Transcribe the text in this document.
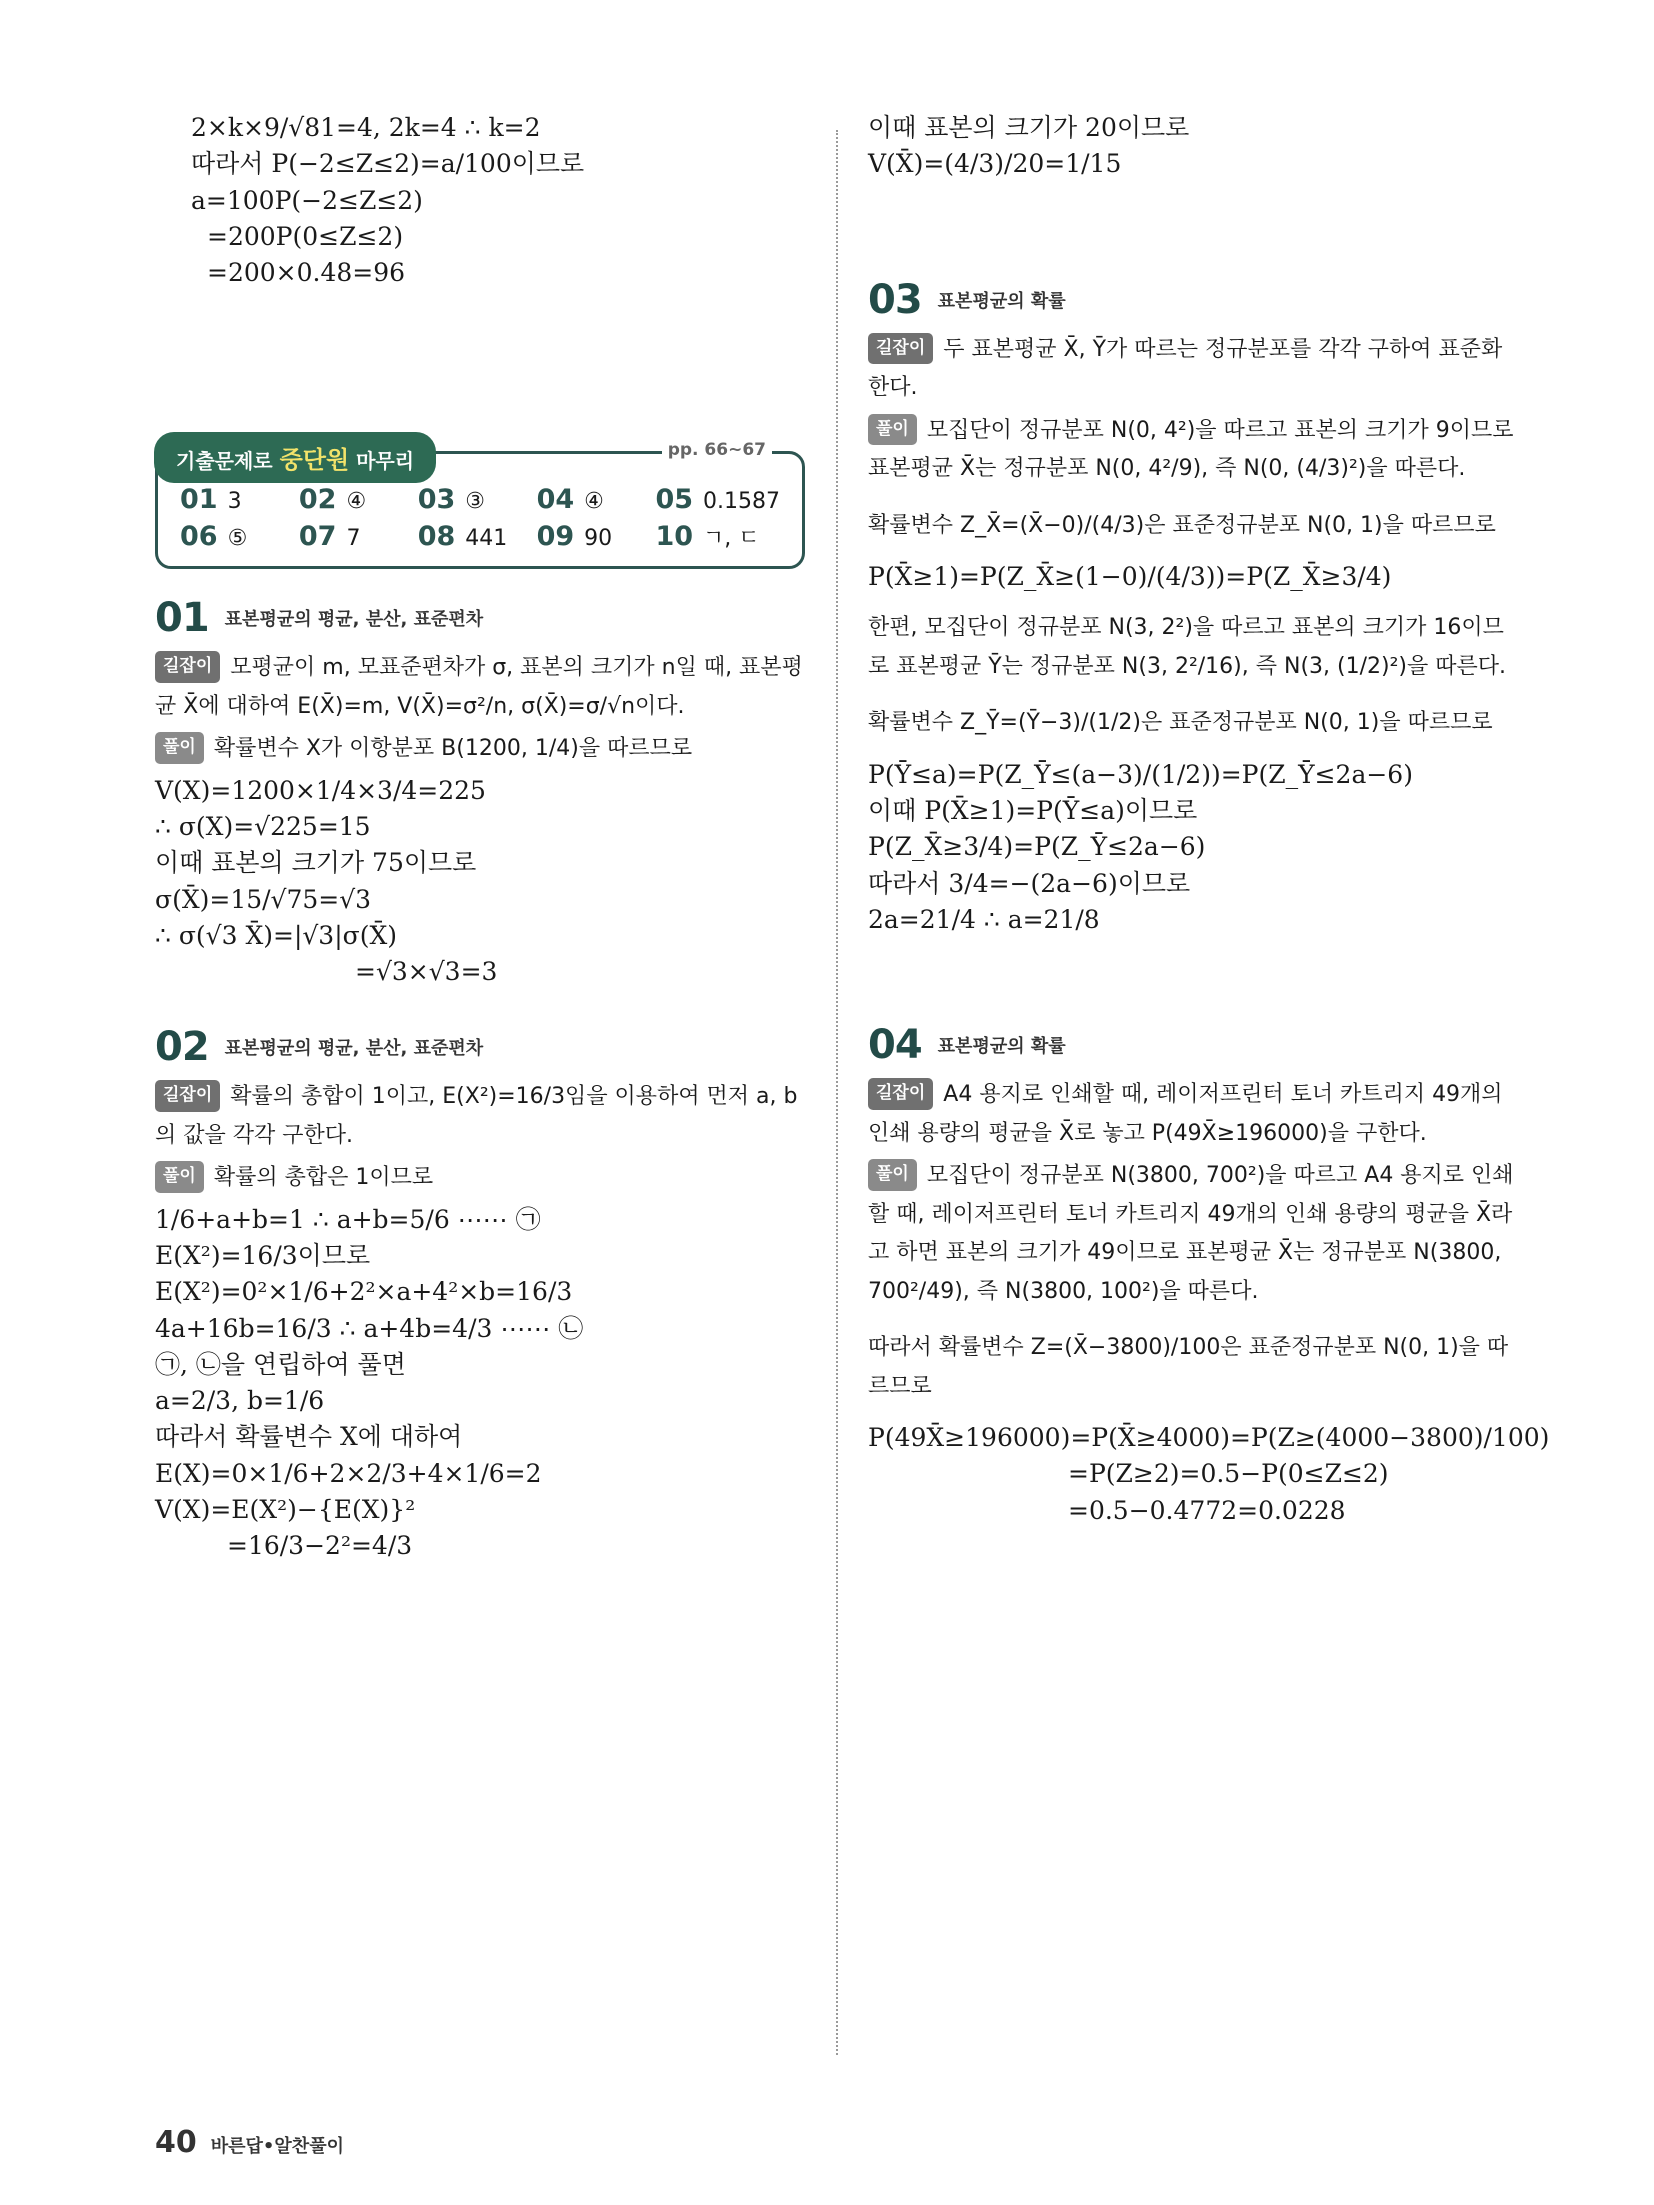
2×k×9/√81=4, 2k=4 ∴ k=2

따라서 P(−2≤Z≤2)=a/100이므로

a=100P(−2≤Z≤2)

=200P(0≤Z≤2)

=200×0.48=96

기출문제로 중단원 마무리	pp. 66~67
01 3	02 ④	03 ③	04 ④	05 0.1587
06 ⑤	07 7	08 441	09 90	10 ㄱ, ㄷ
01 표본평균의 평균, 분산, 표준편차

길잡이 모평균이 m, 모표준편차가 σ, 표본의 크기가 n일 때, 표본평균 X̄에 대하여 E(X̄)=m, V(X̄)=σ²/n, σ(X̄)=σ/√n이다.

풀이 확률변수 X가 이항분포 B(1200, 1/4)을 따르므로

V(X)=1200×1/4×3/4=225

∴ σ(X)=√225=15

이때 표본의 크기가 75이므로

σ(X̄)=15/√75=√3

∴ σ(√3 X̄)=|√3|σ(X̄)

=√3×√3=3

02 표본평균의 평균, 분산, 표준편차

길잡이 확률의 총합이 1이고, E(X²)=16/3임을 이용하여 먼저 a, b의 값을 각각 구한다.

풀이 확률의 총합은 1이므로

1/6+a+b=1 ∴ a+b=5/6 ⋯⋯ ㉠

E(X²)=16/3이므로

E(X²)=0²×1/6+2²×a+4²×b=16/3

4a+16b=16/3 ∴ a+4b=4/3 ⋯⋯ ㉡

㉠, ㉡을 연립하여 풀면

a=2/3, b=1/6

따라서 확률변수 X에 대하여

E(X)=0×1/6+2×2/3+4×1/6=2

V(X)=E(X²)−{E(X)}²

=16/3−2²=4/3

이때 표본의 크기가 20이므로

V(X̄)=(4/3)/20=1/15

03 표본평균의 확률

길잡이 두 표본평균 X̄, Ȳ가 따르는 정규분포를 각각 구하여 표준화한다.

풀이 모집단이 정규분포 N(0, 4²)을 따르고 표본의 크기가 9이므로 표본평균 X̄는 정규분포 N(0, 4²/9), 즉 N(0, (4/3)²)을 따른다.

확률변수 Z_X̄=(X̄−0)/(4/3)은 표준정규분포 N(0, 1)을 따르므로

P(X̄≥1)=P(Z_X̄≥(1−0)/(4/3))=P(Z_X̄≥3/4)

한편, 모집단이 정규분포 N(3, 2²)을 따르고 표본의 크기가 16이므로 표본평균 Ȳ는 정규분포 N(3, 2²/16), 즉 N(3, (1/2)²)을 따른다.

확률변수 Z_Ȳ=(Ȳ−3)/(1/2)은 표준정규분포 N(0, 1)을 따르므로

P(Ȳ≤a)=P(Z_Ȳ≤(a−3)/(1/2))=P(Z_Ȳ≤2a−6)

이때 P(X̄≥1)=P(Ȳ≤a)이므로

P(Z_X̄≥3/4)=P(Z_Ȳ≤2a−6)

따라서 3/4=−(2a−6)이므로

2a=21/4 ∴ a=21/8

04 표본평균의 확률

길잡이 A4 용지로 인쇄할 때, 레이저프린터 토너 카트리지 49개의 인쇄 용량의 평균을 X̄로 놓고 P(49X̄≥196000)을 구한다.

풀이 모집단이 정규분포 N(3800, 700²)을 따르고 A4 용지로 인쇄할 때, 레이저프린터 토너 카트리지 49개의 인쇄 용량의 평균을 X̄라고 하면 표본의 크기가 49이므로 표본평균 X̄는 정규분포 N(3800, 700²/49), 즉 N(3800, 100²)을 따른다.

따라서 확률변수 Z=(X̄−3800)/100은 표준정규분포 N(0, 1)을 따르므로

P(49X̄≥196000)=P(X̄≥4000)=P(Z≥(4000−3800)/100)

=P(Z≥2)=0.5−P(0≤Z≤2)

=0.5−0.4772=0.0228

40 바른답•알찬풀이
